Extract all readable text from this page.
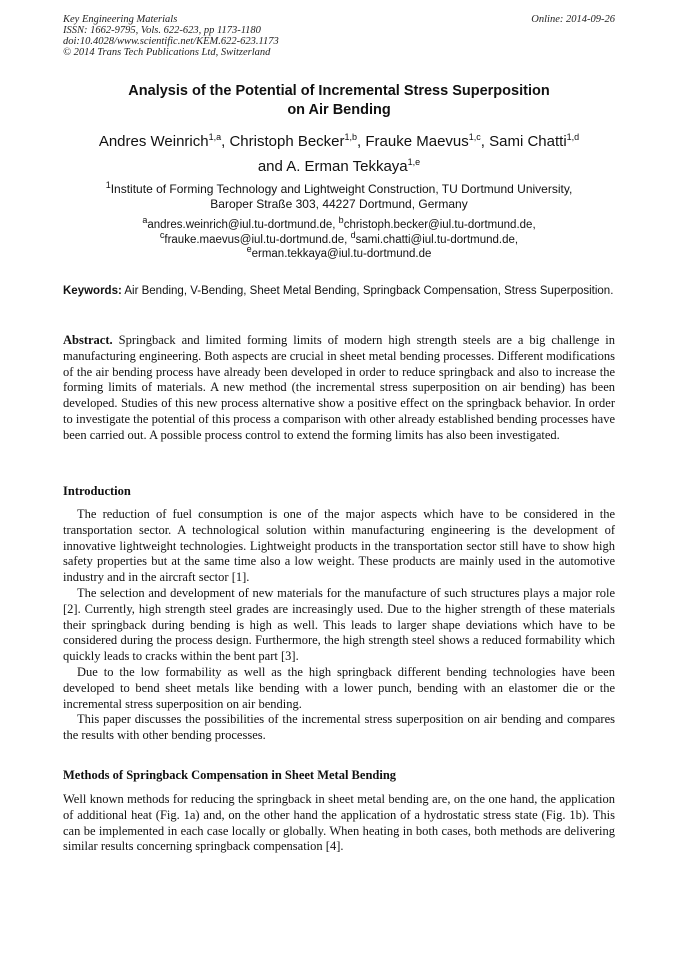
Key Engineering Materials
ISSN: 1662-9795, Vols. 622-623, pp 1173-1180
doi:10.4028/www.scientific.net/KEM.622-623.1173
© 2014 Trans Tech Publications Ltd, Switzerland
Online: 2014-09-26
Analysis of the Potential of Incremental Stress Superposition
on Air Bending
Andres Weinrich$^{1,a}$, Christoph Becker$^{1,b}$, Frauke Maevus$^{1,c}$, Sami Chatti$^{1,d}$
and A. Erman Tekkaya$^{1,e}$
$^1$Institute of Forming Technology and Lightweight Construction, TU Dortmund University,
Baroper Straße 303, 44227 Dortmund, Germany
$^a$andres.weinrich@iul.tu-dortmund.de, $^b$christoph.becker@iul.tu-dortmund.de,
$^c$frauke.maevus@iul.tu-dortmund.de, $^d$sami.chatti@iul.tu-dortmund.de,
$^e$erman.tekkaya@iul.tu-dortmund.de
Keywords: Air Bending, V-Bending, Sheet Metal Bending, Springback Compensation, Stress Superposition.
Abstract. Springback and limited forming limits of modern high strength steels are a big challenge in manufacturing engineering. Both aspects are crucial in sheet metal bending processes. Different modifications of the air bending process have already been developed in order to reduce springback and also to increase the forming limits of materials. A new method (the incremental stress superposition on air bending) has been developed. Studies of this new process alternative show a positive effect on the springback behavior. In order to investigate the potential of this process a comparison with other already established bending processes have been carried out. A possible process control to extend the forming limits has also been investigated.
Introduction

The reduction of fuel consumption is one of the major aspects which have to be considered in the transportation sector. A technological solution within manufacturing engineering is the development of innovative lightweight technologies. Lightweight products in the transportation sector still have to show high safety properties but at the same time also a low weight. These products are mainly used in the automotive industry and in the aircraft sector [1].

The selection and development of new materials for the manufacture of such structures plays a major role [2]. Currently, high strength steel grades are increasingly used. Due to the higher strength of these materials their springback during bending is high as well. This leads to larger shape deviations which have to be considered during the process design. Furthermore, the high strength steel shows a reduced formability which quickly leads to cracks within the bent part [3].

Due to the low formability as well as the high springback different bending technologies have been developed to bend sheet metals like bending with a lower punch, bending with an elastomer die or the incremental stress superposition on air bending.

This paper discusses the possibilities of the incremental stress superposition on air bending and compares the results with other bending processes.

Methods of Springback Compensation in Sheet Metal Bending

Well known methods for reducing the springback in sheet metal bending are, on the one hand, the application of additional heat (Fig. 1a) and, on the other hand the application of a hydrostatic stress state (Fig. 1b). This can be implemented in each case locally or globally. When heating in both cases, both methods are delivering similar results concerning springback compensation [4].
